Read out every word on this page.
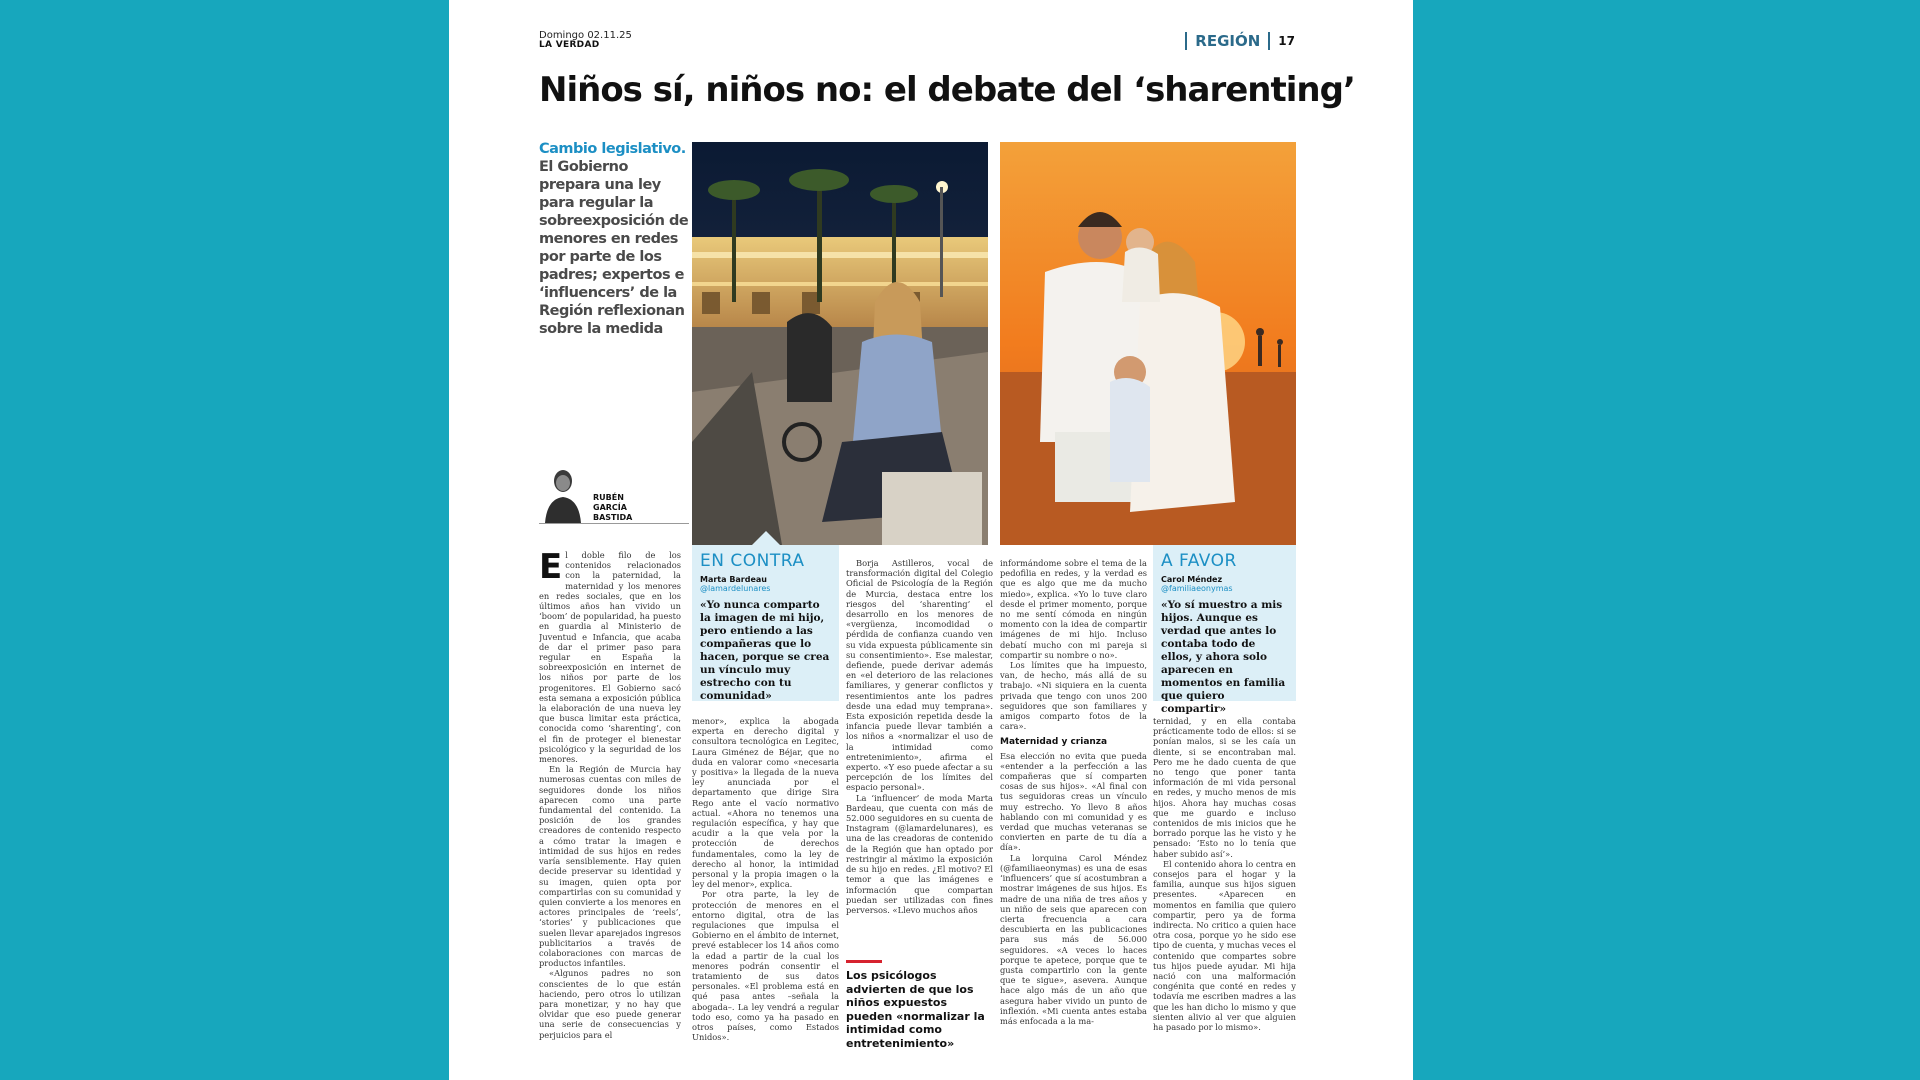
Domingo 02.11.25
LA VERDAD	REGIÓN	17
Niños sí, niños no: el debate del ‘sharenting’
Cambio legislativo.
El Gobierno prepara una ley para regular la sobreexposición de menores en redes por parte de los padres; expertos e ‘influencers’ de la Región reflexionan sobre la medida
RUBÉN
GARCÍA
BASTIDA
EN CONTRA
Marta Bardeau
@lamardelunares
«Yo nunca comparto la imagen de mi hijo, pero entiendo a las compañeras que lo hacen, porque se crea un vínculo muy estrecho con tu comunidad»
A FAVOR
Carol Méndez
@familiaeonymas
«Yo sí muestro a mis hijos. Aunque es verdad que antes lo contaba todo de ellos, y ahora solo aparecen en momentos en familia que quiero compartir»

El doble filo de los contenidos relacionados con la paternidad, la maternidad y los menores en redes sociales, que en los últimos años han vivido un ‘boom’ de popularidad, ha puesto en guardia al Ministerio de Juventud e Infancia, que acaba de dar el primer paso para regular en España la sobreexposición en internet de los niños por parte de los progenitores. El Gobierno sacó esta semana a exposición pública la elaboración de una nueva ley que busca limitar esta práctica, conocida como ‘sharenting’, con el fin de proteger el bienestar psicológico y la seguridad de los menores.

En la Región de Murcia hay numerosas cuentas con miles de seguidores donde los niños aparecen como una parte fundamental del contenido. La posición de los grandes creadores de contenido respecto a cómo tratar la imagen e intimidad de sus hijos en redes varía sensiblemente. Hay quien decide preservar su identidad y su imagen, quien opta por compartirlas con su comunidad y quien convierte a los menores en actores principales de ‘reels’, ‘stories’ y publicaciones que suelen llevar aparejados ingresos publicitarios a través de colaboraciones con marcas de productos infantiles.

«Algunos padres no son conscientes de lo que están haciendo, pero otros lo utilizan para monetizar, y no hay que olvidar que eso puede generar una serie de consecuencias y perjuicios para el

menor», explica la abogada experta en derecho digital y consultora tecnológica en Legitec, Laura Giménez de Béjar, que no duda en valorar como «necesaria y positiva» la llegada de la nueva ley anunciada por el departamento que dirige Sira Rego ante el vacío normativo actual. «Ahora no tenemos una regulación específica, y hay que acudir a la que vela por la protección de derechos fundamentales, como la ley de derecho al honor, la intimidad personal y la propia imagen o la ley del menor», explica.

Por otra parte, la ley de protección de menores en el entorno digital, otra de las regulaciones que impulsa el Gobierno en el ámbito de internet, prevé establecer los 14 años como la edad a partir de la cual los menores podrán consentir el tratamiento de sus datos personales. «El problema está en qué pasa antes –señala la abogada–. La ley vendrá a regular todo eso, como ya ha pasado en otros países, como Estados Unidos».

Borja Astilleros, vocal de transformación digital del Colegio Oficial de Psicología de la Región de Murcia, destaca entre los riesgos del ‘sharenting’ el desarrollo en los menores de «vergüenza, incomodidad o pérdida de confianza cuando ven su vida expuesta públicamente sin su consentimiento». Ese malestar, defiende, puede derivar además en «el deterioro de las relaciones familiares, y generar conflictos y resentimientos ante los padres desde una edad muy temprana». Esta exposición repetida desde la infancia puede llevar también a los niños a «normalizar el uso de la intimidad como entretenimiento», afirma el experto. «Y eso puede afectar a su percepción de los límites del espacio personal».

La ‘influencer’ de moda Marta Bardeau, que cuenta con más de 52.000 seguidores en su cuenta de Instagram (@lamardelunares), es una de las creadoras de contenido de la Región que han optado por restringir al máximo la exposición de su hijo en redes. ¿El motivo? El temor a que las imágenes e información que compartan puedan ser utilizadas con fines perversos. «Llevo muchos años

Los psicólogos advierten de que los niños expuestos pueden «normalizar la intimidad como entretenimiento»

informándome sobre el tema de la pedofilia en redes, y la verdad es que es algo que me da mucho miedo», explica. «Yo lo tuve claro desde el primer momento, porque no me sentí cómoda en ningún momento con la idea de compartir imágenes de mi hijo. Incluso debatí mucho con mi pareja si compartir su nombre o no».

Los límites que ha impuesto, van, de hecho, más allá de su trabajo. «Ni siquiera en la cuenta privada que tengo con unos 200 seguidores que son familiares y amigos comparto fotos de la cara».

Maternidad y crianza

Esa elección no evita que pueda «entender a la perfección a las compañeras que sí comparten cosas de sus hijos». «Al final con tus seguidoras creas un vínculo muy estrecho. Yo llevo 8 años hablando con mi comunidad y es verdad que muchas veteranas se convierten en parte de tu día a día».

La lorquina Carol Méndez (@familiaeonymas) es una de esas ‘influencers’ que sí acostumbran a mostrar imágenes de sus hijos. Es madre de una niña de tres años y un niño de seis que aparecen con cierta frecuencia a cara descubierta en las publicaciones para sus más de 56.000 seguidores. «A veces lo haces porque te apetece, porque que te gusta compartirlo con la gente que te sigue», asevera. Aunque hace algo más de un año que asegura haber vivido un punto de inflexión. «Mi cuenta antes estaba más enfocada a la ma-

ternidad, y en ella contaba prácticamente todo de ellos: si se ponían malos, si se les caía un diente, si se encontraban mal. Pero me he dado cuenta de que no tengo que poner tanta información de mi vida personal en redes, y mucho menos de mis hijos. Ahora hay muchas cosas que me guardo e incluso contenidos de mis inicios que he borrado porque las he visto y he pensado: ‘Esto no lo tenía que haber subido así’».

El contenido ahora lo centra en consejos para el hogar y la familia, aunque sus hijos siguen presentes. «Aparecen en momentos en familia que quiero compartir, pero ya de forma indirecta. No critico a quien hace otra cosa, porque yo he sido ese tipo de cuenta, y muchas veces el contenido que compartes sobre tus hijos puede ayudar. Mi hija nació con una malformación congénita que conté en redes y todavía me escriben madres a las que les han dicho lo mismo y que sienten alivio al ver que alguien ha pasado por lo mismo».
